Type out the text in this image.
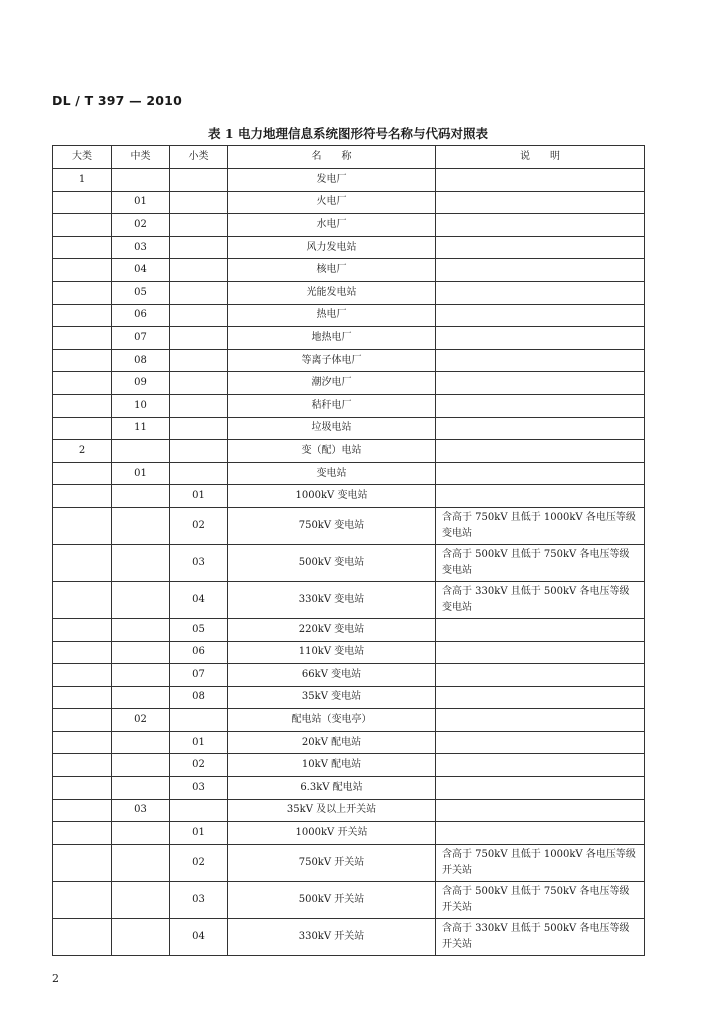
DL / T 397 — 2010
表 1 电力地理信息系统图形符号名称与代码对照表
大类	中类	小类	名　　称	说　　明
1			发电厂	
	01		火电厂	
	02		水电厂	
	03		风力发电站	
	04		核电厂	
	05		光能发电站	
	06		热电厂	
	07		地热电厂	
	08		等离子体电厂	
	09		潮汐电厂	
	10		秸秆电厂	
	11		垃圾电站	
2			变（配）电站	
	01		变电站	
		01	1000kV 变电站	
		02	750kV 变电站	含高于 750kV 且低于 1000kV 各电压等级变电站
		03	500kV 变电站	含高于 500kV 且低于 750kV 各电压等级变电站
		04	330kV 变电站	含高于 330kV 且低于 500kV 各电压等级变电站
		05	220kV 变电站	
		06	110kV 变电站	
		07	66kV 变电站	
		08	35kV 变电站	
	02		配电站（变电亭）	
		01	20kV 配电站	
		02	10kV 配电站	
		03	6.3kV 配电站	
	03		35kV 及以上开关站	
		01	1000kV 开关站	
		02	750kV 开关站	含高于 750kV 且低于 1000kV 各电压等级开关站
		03	500kV 开关站	含高于 500kV 且低于 750kV 各电压等级开关站
		04	330kV 开关站	含高于 330kV 且低于 500kV 各电压等级开关站
2
